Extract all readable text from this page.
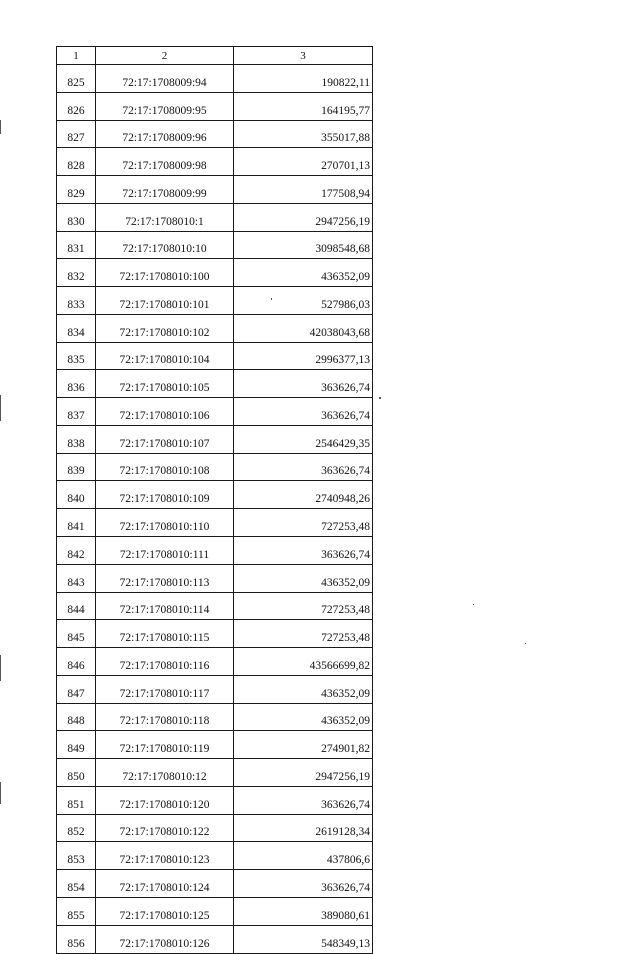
1	2	3
825	72:17:1708009:94	190822,11
826	72:17:1708009:95	164195,77
827	72:17:1708009:96	355017,88
828	72:17:1708009:98	270701,13
829	72:17:1708009:99	177508,94
830	72:17:1708010:1	2947256,19
831	72:17:1708010:10	3098548,68
832	72:17:1708010:100	436352,09
833	72:17:1708010:101	527986,03
834	72:17:1708010:102	42038043,68
835	72:17:1708010:104	2996377,13
836	72:17:1708010:105	363626,74
837	72:17:1708010:106	363626,74
838	72:17:1708010:107	2546429,35
839	72:17:1708010:108	363626,74
840	72:17:1708010:109	2740948,26
841	72:17:1708010:110	727253,48
842	72:17:1708010:111	363626,74
843	72:17:1708010:113	436352,09
844	72:17:1708010:114	727253,48
845	72:17:1708010:115	727253,48
846	72:17:1708010:116	43566699,82
847	72:17:1708010:117	436352,09
848	72:17:1708010:118	436352,09
849	72:17:1708010:119	274901,82
850	72:17:1708010:12	2947256,19
851	72:17:1708010:120	363626,74
852	72:17:1708010:122	2619128,34
853	72:17:1708010:123	437806,6
854	72:17:1708010:124	363626,74
855	72:17:1708010:125	389080,61
856	72:17:1708010:126	548349,13
